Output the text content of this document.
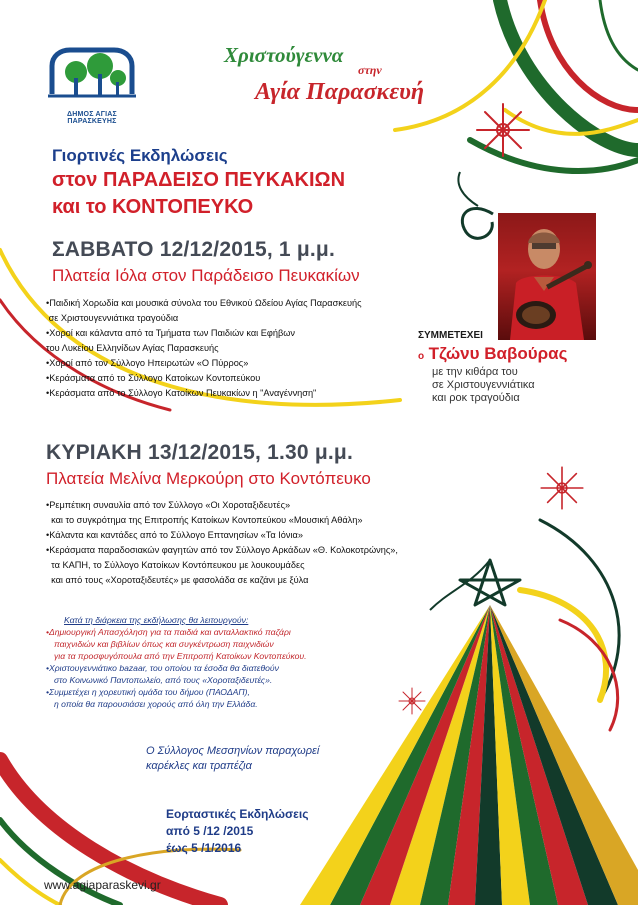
ΔΗΜΟΣ ΑΓΙΑΣ ΠΑΡΑΣΚΕΥΗΣ
Χριστούγεννα
στην
Αγία Παρασκευή
Γιορτινές Εκδηλώσεις
στον ΠΑΡΑΔΕΙΣΟ ΠΕΥΚΑΚΙΩΝ
και το ΚΟΝΤΟΠΕΥΚΟ
ΣΑΒΒΑΤΟ 12/12/2015, 1 μ.μ.
Πλατεία Ιόλα στον Παράδεισο Πευκακίων
•Παιδική Χορωδία και μουσικά σύνολα του Εθνικού Ωδείου Αγίας Παρασκευής
σε Χριστουγεννιάτικα τραγούδια
•Χοροί και κάλαντα από τα Τμήματα των Παιδιών και Εφήβων
του Λυκείου Ελληνίδων Αγίας Παρασκευής
•Χοροί από τον Σύλλογο Ηπειρωτών «Ο Πύρρος»
•Κεράσματα από το Σύλλογο Κατοίκων Κοντοπεύκου
•Κεράσματα από το Σύλλογο Κατοίκων Πευκακίων η "Αναγέννηση"
ΣΥΜΜΕΤΕΧΕΙ
ο Τζώνυ Βαβούρας
με την κιθάρα του
σε Χριστουγεννιάτικα
και ροκ τραγούδια
ΚΥΡΙΑΚΗ 13/12/2015, 1.30 μ.μ.
Πλατεία Μελίνα Μερκούρη στο Κοντόπευκο
•Ρεμπέτικη συναυλία από τον Σύλλογο «Οι Χοροταξιδευτές»
και το συγκρότημα της Επιτροπής Κατοίκων Κοντοπεύκου «Μουσική Αθάλη»
•Κάλαντα και καντάδες από το Σύλλογο Επτανησίων «Τα Ιόνια»
•Κεράσματα παραδοσιακών φαγητών από τον Σύλλογο Αρκάδων «Θ. Κολοκοτρώνης»,
τα ΚΑΠΗ, το Σύλλογο Κατοίκων Κοντόπευκου με λουκουμάδες
και από τους «Χοροταξιδευτές» με φασολάδα σε καζάνι με ξύλα
Κατά τη διάρκεια της εκδήλωσης θα λειτουργούν:
•Δημιουργική Απασχόληση για τα παιδιά και ανταλλακτικό παζάρι
παιχνιδιών και βιβλίων όπως και συγκέντρωση παιχνιδιών
για τα προσφυγόπουλα από την Επιτροπή Κατοίκων Κοντοπεύκου.
•Χριστουγεννιάτικο bazaar, του οποίου τα έσοδα θα διατεθούν
στο Κοινωνικό Παντοπωλείο, από τους «Χοροταξιδευτές».
•Συμμετέχει η χορευτική ομάδα του δήμου (ΠΑΟΔΑΠ),
η οποία θα παρουσιάσει χορούς από όλη την Ελλάδα.
Ο Σύλλογος Μεσσηνίων παραχωρεί
καρέκλες και τραπέζια
Εορταστικές Εκδηλώσεις
από 5 /12 /2015
έως 5 /1/2016
www.agiaparaskevi.gr
